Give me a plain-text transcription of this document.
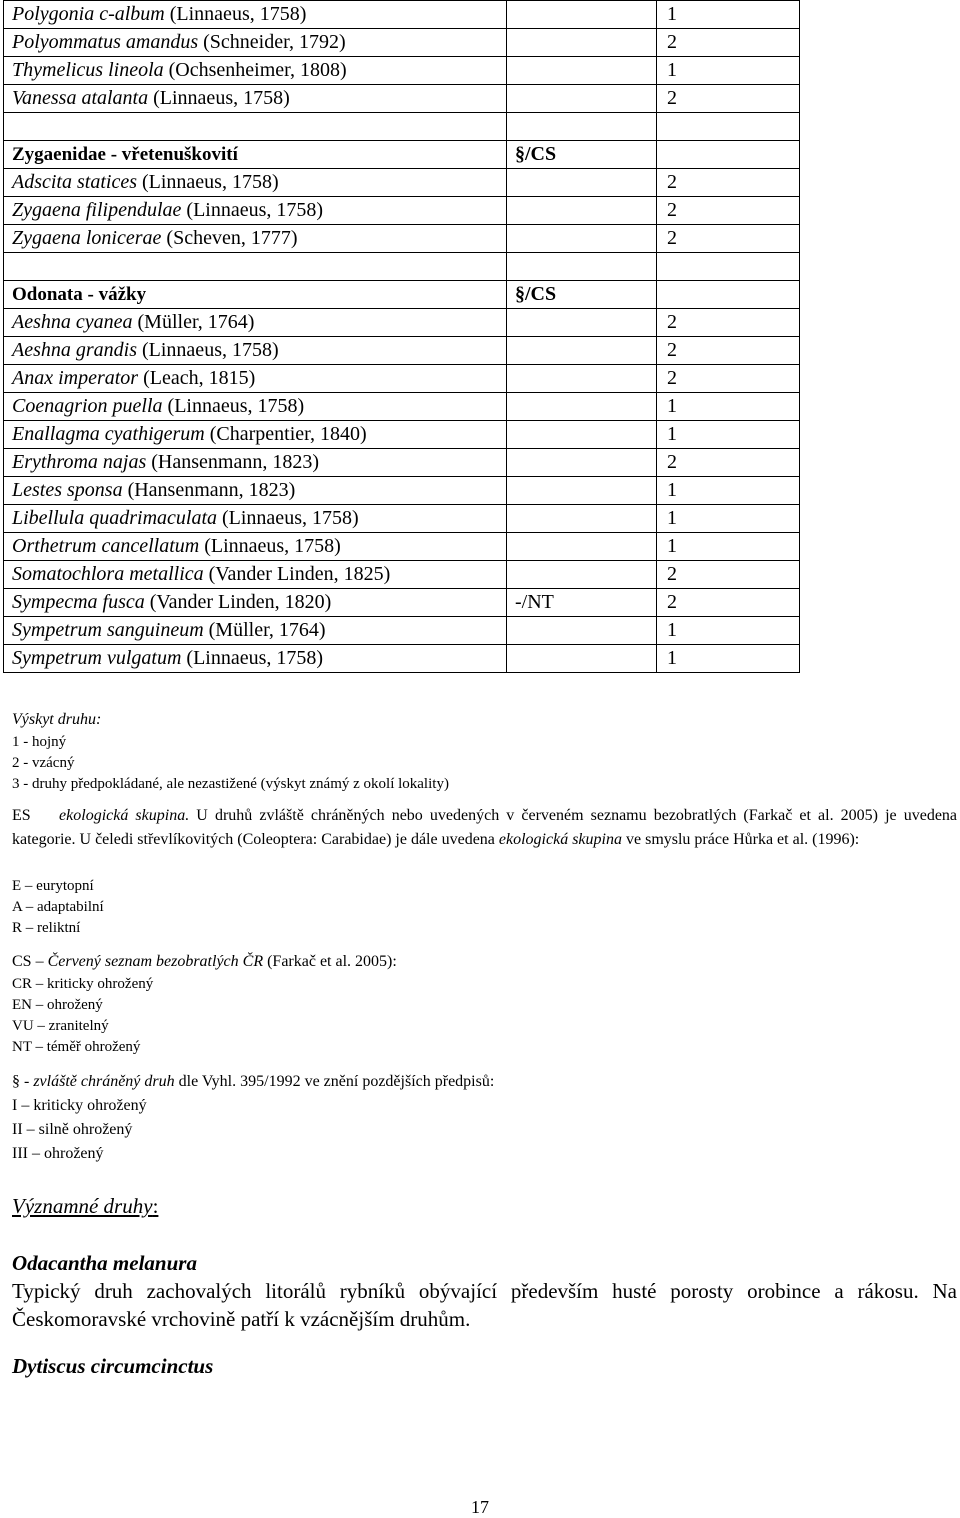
Polygonia c-album (Linnaeus, 1758)		1
Polyommatus amandus (Schneider, 1792)		2
Thymelicus lineola (Ochsenheimer, 1808)		1
Vanessa atalanta (Linnaeus, 1758)		2

Zygaenidae - vřetenuškovití	§/CS	
Adscita statices (Linnaeus, 1758)		2
Zygaena filipendulae (Linnaeus, 1758)		2
Zygaena lonicerae (Scheven, 1777)		2

Odonata - vážky	§/CS	
Aeshna cyanea (Müller, 1764)		2
Aeshna grandis (Linnaeus, 1758)		2
Anax imperator (Leach, 1815)		2
Coenagrion puella (Linnaeus, 1758)		1
Enallagma cyathigerum (Charpentier, 1840)		1
Erythroma najas (Hansenmann, 1823)		2
Lestes sponsa (Hansenmann, 1823)		1
Libellula quadrimaculata (Linnaeus, 1758)		1
Orthetrum cancellatum (Linnaeus, 1758)		1
Somatochlora metallica (Vander Linden, 1825)		2
Sympecma fusca (Vander Linden, 1820)	-/NT	2
Sympetrum sanguineum (Müller, 1764)		1
Sympetrum vulgatum (Linnaeus, 1758)		1
Výskyt druhu:
1 - hojný
2 - vzácný
3 - druhy předpokládané, ale nezastižené (výskyt známý z okolí lokality)
ES ekologická skupina. U druhů zvláště chráněných nebo uvedených v červeném seznamu bezobratlých (Farkač et al. 2005) je uvedena kategorie. U čeledi střevlíkovitých (Coleoptera: Carabidae) je dále uvedena ekologická skupina ve smyslu práce Hůrka et al. (1996):
E – eurytopní
A – adaptabilní
R – reliktní
CS – Červený seznam bezobratlých ČR (Farkač et al. 2005):
CR – kriticky ohrožený
EN – ohrožený
VU – zranitelný
NT – téměř ohrožený
§ - zvláště chráněný druh dle Vyhl. 395/1992 ve znění pozdějších předpisů:
I – kriticky ohrožený
II – silně ohrožený
III – ohrožený
Významné druhy:
Odacantha melanura
Typický druh zachovalých litorálů rybníků obývající především husté porosty orobince a rákosu. Na Českomoravské vrchovině patří k vzácnějším druhům.
Dytiscus circumcinctus
17
